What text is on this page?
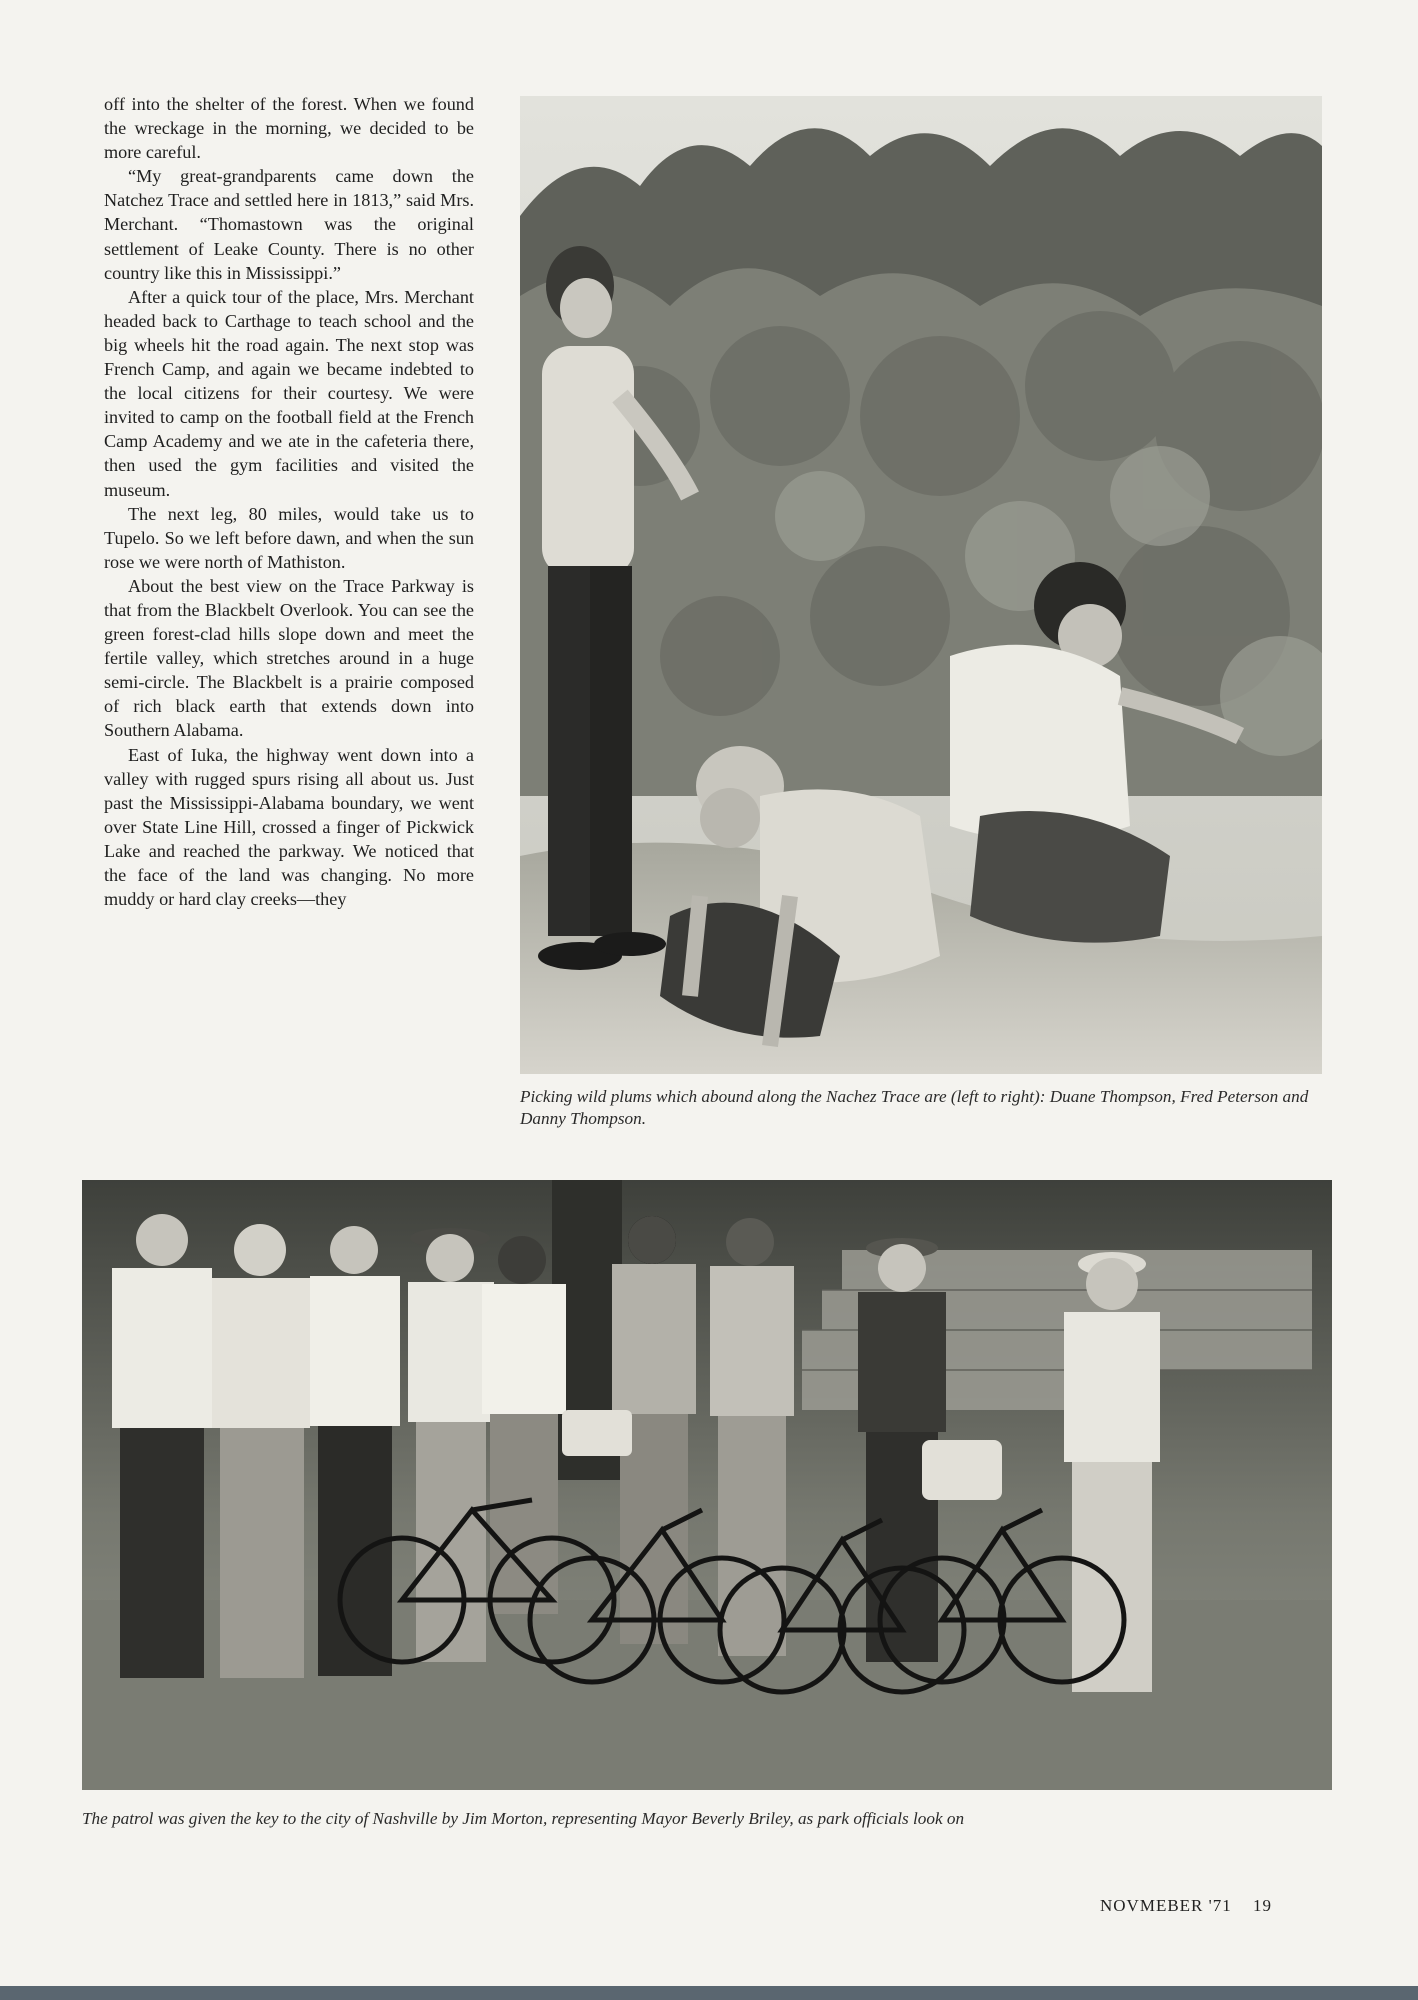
off into the shelter of the forest. When we found the wreckage in the morning, we decided to be more careful.

“My great-grandparents came down the Natchez Trace and settled here in 1813,” said Mrs. Merchant. “Thomastown was the original settlement of Leake County. There is no other country like this in Mississippi.”

After a quick tour of the place, Mrs. Merchant headed back to Carthage to teach school and the big wheels hit the road again. The next stop was French Camp, and again we became indebted to the local citizens for their courtesy. We were invited to camp on the football field at the French Camp Academy and we ate in the cafeteria there, then used the gym facilities and visited the museum.

The next leg, 80 miles, would take us to Tupelo. So we left before dawn, and when the sun rose we were north of Mathiston.

About the best view on the Trace Parkway is that from the Blackbelt Overlook. You can see the green forest-clad hills slope down and meet the fertile valley, which stretches around in a huge semi-circle. The Blackbelt is a prairie composed of rich black earth that extends down into Southern Alabama.

East of Iuka, the highway went down into a valley with rugged spurs rising all about us. Just past the Mississippi-Alabama boundary, we went over State Line Hill, crossed a finger of Pickwick Lake and reached the parkway. We noticed that the face of the land was changing. No more muddy or hard clay creeks—they

Picking wild plums which abound along the Nachez Trace are (left to right): Duane Thompson, Fred Peterson and Danny Thompson.
The patrol was given the key to the city of Nashville by Jim Morton, representing Mayor Beverly Briley, as park officials look on
NOVMEBER '71 19
